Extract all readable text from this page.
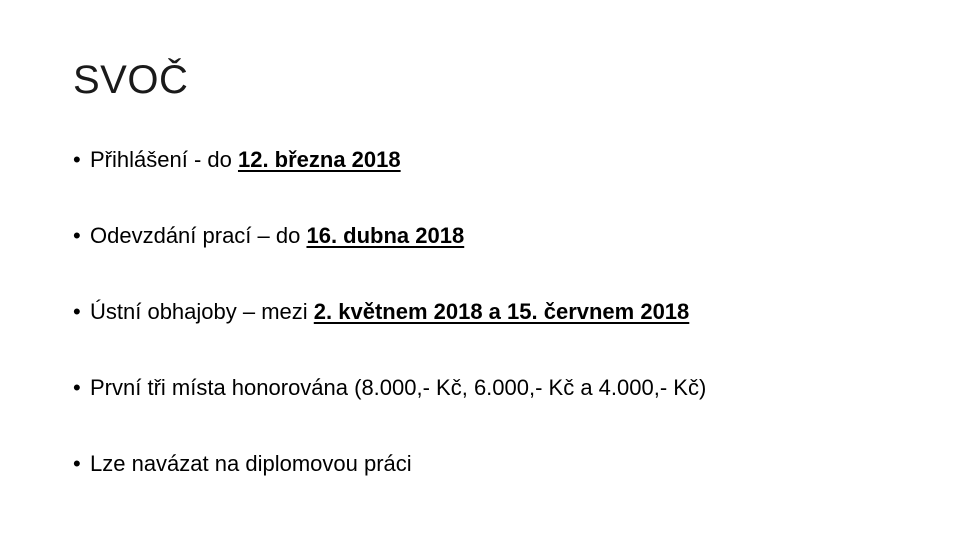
SVOČ
• Přihlášení - do 12. března 2018
• Odevzdání prací – do 16. dubna 2018
• Ústní obhajoby – mezi 2. květnem 2018 a 15. červnem 2018
• První tři místa honorována (8.000,- Kč, 6.000,- Kč a 4.000,- Kč)
• Lze navázat na diplomovou práci
